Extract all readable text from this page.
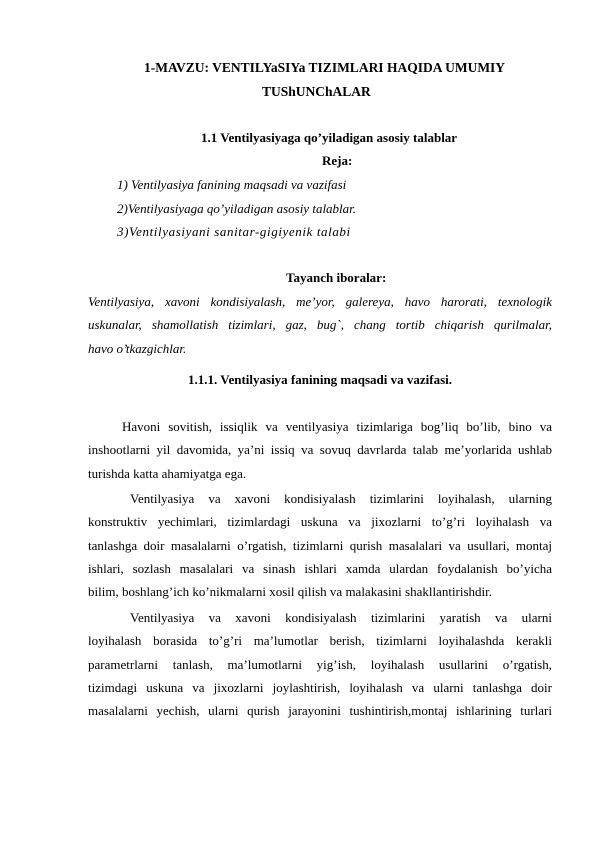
1-MAVZU: VENTILYaSIYa TIZIMLARI HAQIDA UMUMIY
TUShUNChALAR
1.1 Ventilyasiyaga qo’yiladigan asosiy talablar
Reja:
1) Ventilyasiya fanining maqsadi va vazifasi
2)Ventilyasiyaga qo’yiladigan asosiy talablar.
3)Ventilyasiyani sanitar-gigiyenik talabi
Tayanch iboralar:
Ventilyasiya, xavoni kondisiyalash, me’yor, galereya, havo harorati, texnologik
uskunalar, shamollatish tizimlari, gaz, bug`, chang tortib chiqarish qurilmalar,
havo o’tkazgichlar.
1.1.1. Ventilyasiya fanining maqsadi va vazifasi.
Havoni sovitish, issiqlik va ventilyasiya tizimlariga bog’liq bo’lib, bino va
inshootlarni yil davomida, ya’ni issiq va sovuq davrlarda talab me’yorlarida ushlab
turishda katta ahamiyatga ega.
Ventilyasiya va xavoni kondisiyalash tizimlarini loyihalash, ularning
konstruktiv yechimlari, tizimlardagi uskuna va jixozlarni to’g’ri loyihalash va
tanlashga doir masalalarni o’rgatish, tizimlarni qurish masalalari va usullari, montaj
ishlari, sozlash masalalari va sinash ishlari xamda ulardan foydalanish bo’yicha
bilim, boshlang’ich ko’nikmalarni xosil qilish va malakasini shakllantirishdir.
Ventilyasiya va xavoni kondisiyalash tizimlarini yaratish va ularni
loyihalash borasida to’g’ri ma’lumotlar berish, tizimlarni loyihalashda kerakli
parametrlarni tanlash, ma’lumotlarni yig’ish, loyihalash usullarini o’rgatish,
tizimdagi uskuna va jixozlarni joylashtirish, loyihalash va ularni tanlashga doir
masalalarni yechish, ularni qurish jarayonini tushintirish,montaj ishlarining turlari
